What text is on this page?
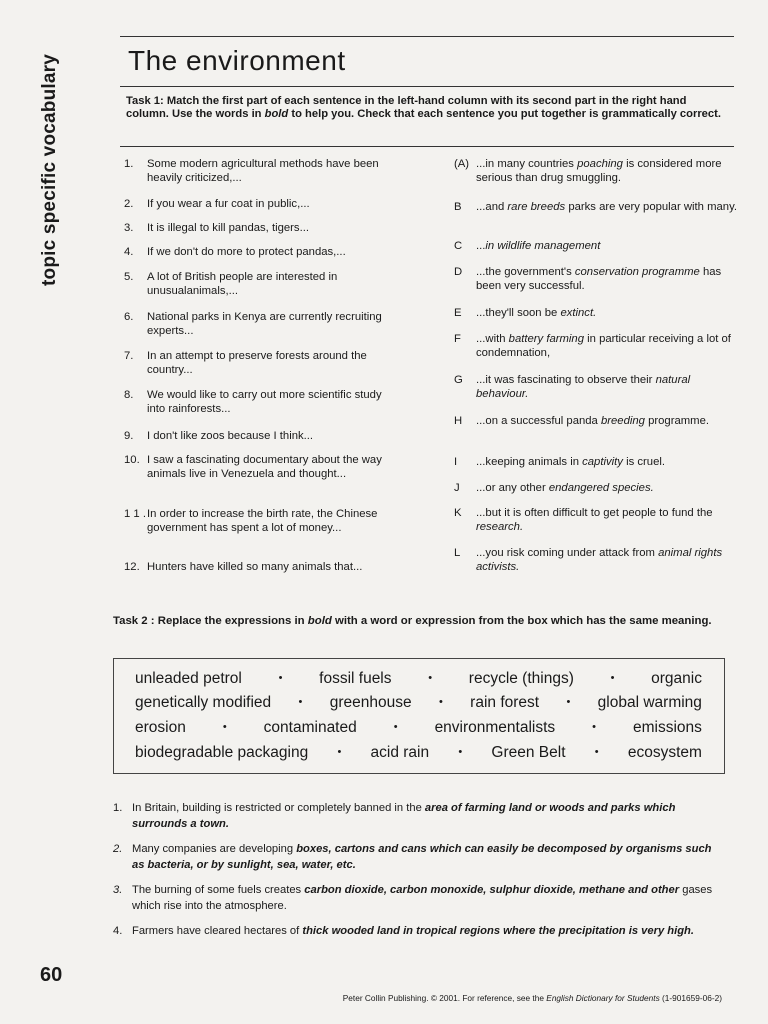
topic specific vocabulary The environment
Task 1: Match the first part of each sentence in the left-hand column with its second part in the right hand column. Use the words in bold to help you. Check that each sentence you put together is grammatically correct.
1.	Some modern agricultural methods have been heavily criticized,...
2.	If you wear a fur coat in public,...
3.	It is illegal to kill pandas, tigers...
4.	If we don't do more to protect pandas,...
5.	A lot of British people are interested in unusualanimals,...
6.	National parks in Kenya are currently recruiting experts...
7.	In an attempt to preserve forests around the country...
8.	We would like to carry out more scientific study into rainforests...
9.	I don't like zoos because I think...
10. I saw a fascinating documentary about the way animals live in Venezuela and thought...
1 1 . In order to increase the birth rate, the Chinese government has spent a lot of money...
12. Hunters have killed so many animals that...
(A) ...in many countries poaching is considered more serious than drug smuggling.
B	...and rare breeds parks are very popular with many.
C	...in wildlife management
D	...the government's conservation programme has been very successful.
E	...they'll soon be extinct.
F	...with battery farming in particular receiving a lot of condemnation,
G	...it was fascinating to observe their natural behaviour.
H	...on a successful panda breeding programme.
I	...keeping animals in captivity is cruel.
J	...or any other endangered species.
K	...but it is often difficult to get people to fund the research.
L	...you risk coming under attack from animal rights activists.
Task 2 : Replace the expressions in bold with a word or expression from the box which has the same meaning.
unleaded petrol	• fossil fuels	• recycle (things)	• organic
genetically modified • greenhouse • rain forest • global warming
erosion	• contaminated	• environmentalists	• emissions
biodegradable packaging	• acid rain	• Green Belt	• ecosystem
1. In Britain, building is restricted or completely banned in the area of farming land or woods and parks which surrounds a town.
2. Many companies are developing boxes, cartons and cans which can easily be decomposed by organisms such as bacteria, or by sunlight, sea, water, etc.
3. The burning of some fuels creates carbon dioxide, carbon monoxide, sulphur dioxide, methane and other gases which rise into the atmosphere.
4. Farmers have cleared hectares of thick wooded land in tropical regions where the precipitation is very high.
60
Peter Collin Publishing. © 2001. For reference, see the English Dictionary for Students (1-901659-06-2)
